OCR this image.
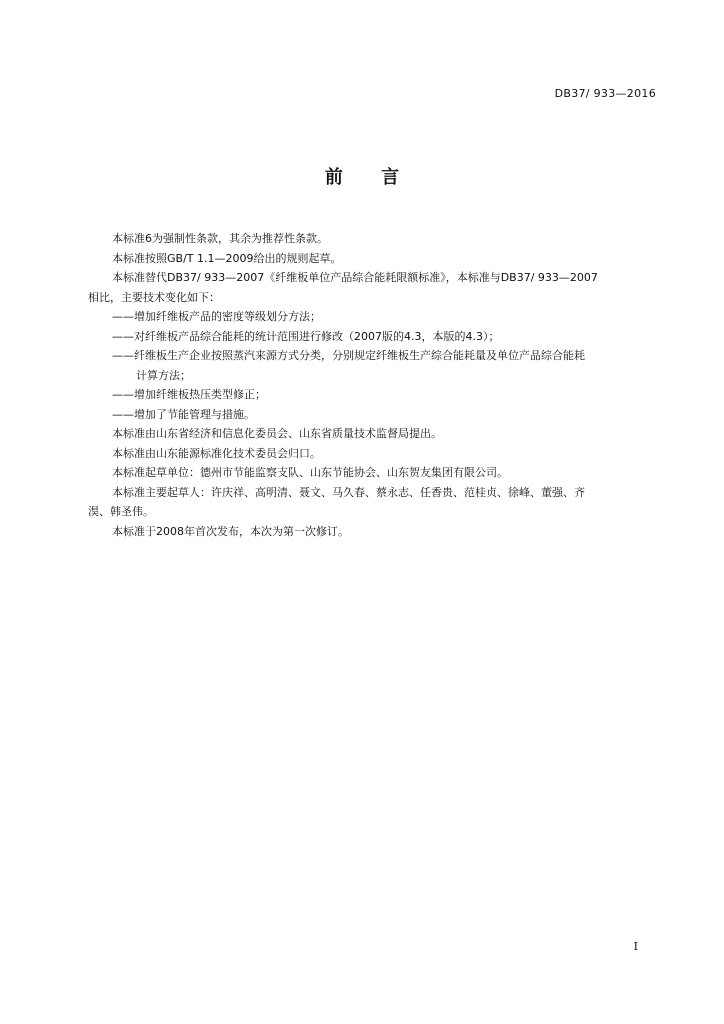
DB37/ 933—2016
前 言

本标准6为强制性条款，其余为推荐性条款。

本标准按照GB/T 1.1—2009给出的规则起草。

本标准替代DB37/ 933—2007《纤维板单位产品综合能耗限额标准》，本标准与DB37/ 933—2007

相比，主要技术变化如下：

——增加纤维板产品的密度等级划分方法；

——对纤维板产品综合能耗的统计范围进行修改（2007版的4.3，本版的4.3）；

——纤维板生产企业按照蒸汽来源方式分类，分别规定纤维板生产综合能耗量及单位产品综合能耗

计算方法；

——增加纤维板热压类型修正；

——增加了节能管理与措施。

本标准由山东省经济和信息化委员会、山东省质量技术监督局提出。

本标准由山东能源标准化技术委员会归口。

本标准起草单位：德州市节能监察支队、山东节能协会、山东贺友集团有限公司。

本标准主要起草人：许庆祥、高明清、聂文、马久春、蔡永志、任香贵、范桂贞、徐峰、董强、齐

淏、韩圣伟。

本标准于2008年首次发布，本次为第一次修订。

I
